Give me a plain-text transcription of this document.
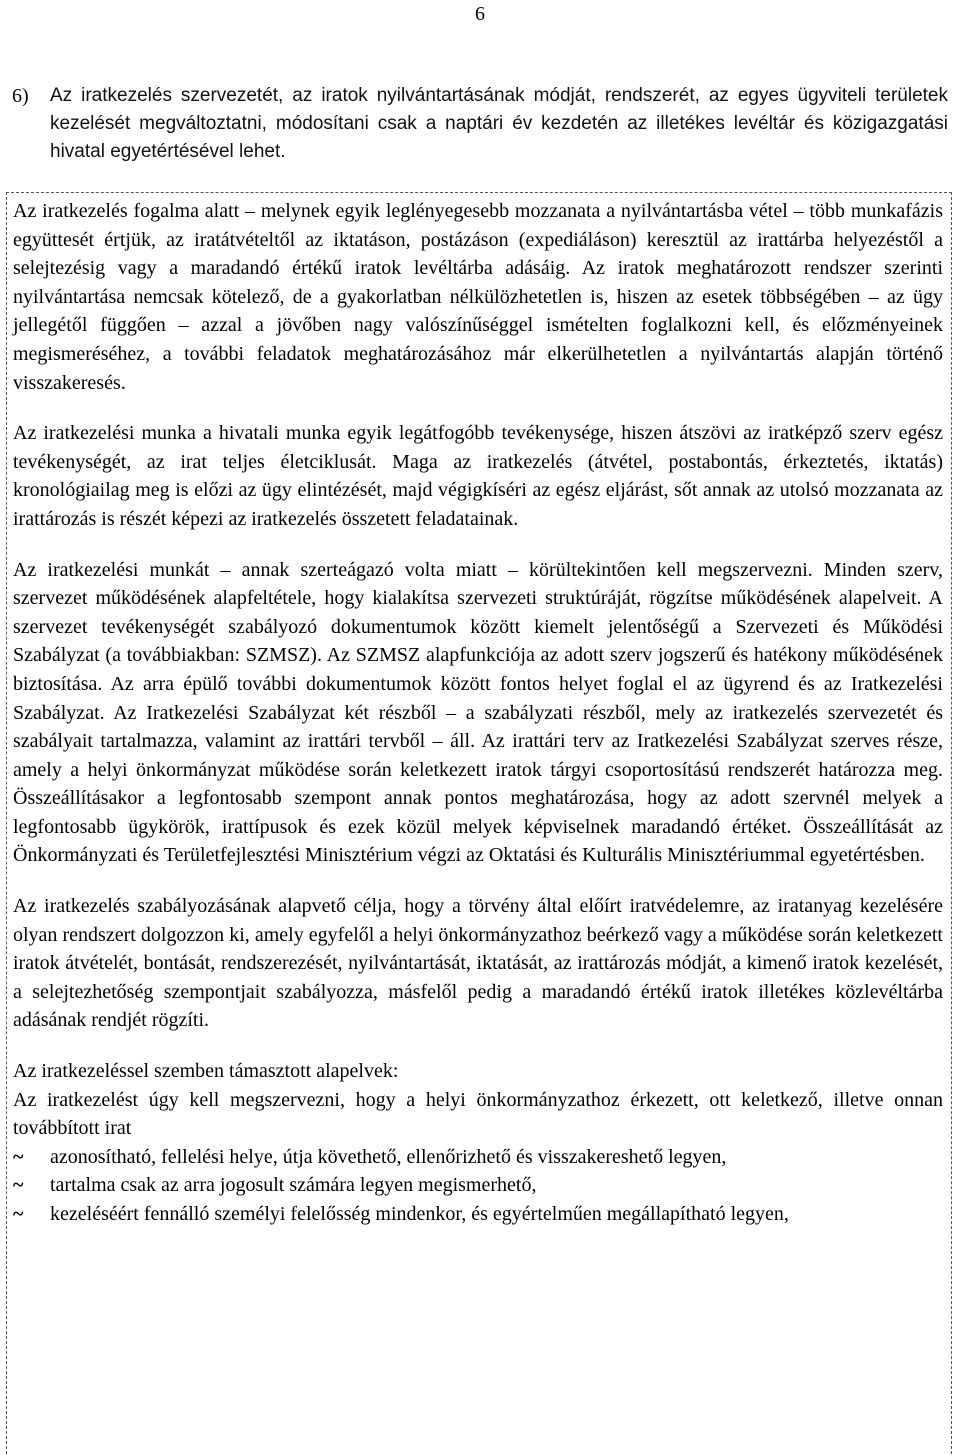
6
6) Az iratkezelés szervezetét, az iratok nyilvántartásának módját, rendszerét, az egyes ügyviteli területek kezelését megváltoztatni, módosítani csak a naptári év kezdetén az illetékes levéltár és közigazgatási hivatal egyetértésével lehet.

Az iratkezelés fogalma alatt – melynek egyik leglényegesebb mozzanata a nyilvántartásba vétel – több munkafázis együttesét értjük, az iratátvételtől az iktatáson, postázáson (expediáláson) keresztül az irattárba helyezéstől a selejtezésig vagy a maradandó értékű iratok levéltárba adásáig. Az iratok meghatározott rendszer szerinti nyilvántartása nemcsak kötelező, de a gyakorlatban nélkülözhetetlen is, hiszen az esetek többségében – az ügy jellegétől függően – azzal a jövőben nagy valószínűséggel ismételten foglalkozni kell, és előzményeinek megismeréséhez, a további feladatok meghatározásához már elkerülhetetlen a nyilvántartás alapján történő visszakeresés.

Az iratkezelési munka a hivatali munka egyik legátfogóbb tevékenysége, hiszen átszövi az iratképző szerv egész tevékenységét, az irat teljes életciklusát. Maga az iratkezelés (átvétel, postabontás, érkeztetés, iktatás) kronológiailag meg is előzi az ügy elintézését, majd végigkíséri az egész eljárást, sőt annak az utolsó mozzanata az irattározás is részét képezi az iratkezelés összetett feladatainak.

Az iratkezelési munkát – annak szerteágazó volta miatt – körültekintően kell megszervezni. Minden szerv, szervezet működésének alapfeltétele, hogy kialakítsa szervezeti struktúráját, rögzítse működésének alapelveit. A szervezet tevékenységét szabályozó dokumentumok között kiemelt jelentőségű a Szervezeti és Működési Szabályzat (a továbbiakban: SZMSZ). Az SZMSZ alapfunkciója az adott szerv jogszerű és hatékony működésének biztosítása. Az arra épülő további dokumentumok között fontos helyet foglal el az ügyrend és az Iratkezelési Szabályzat. Az Iratkezelési Szabályzat két részből – a szabályzati részből, mely az iratkezelés szervezetét és szabályait tartalmazza, valamint az irattári tervből – áll. Az irattári terv az Iratkezelési Szabályzat szerves része, amely a helyi önkormányzat működése során keletkezett iratok tárgyi csoportosítású rendszerét határozza meg. Összeállításakor a legfontosabb szempont annak pontos meghatározása, hogy az adott szervnél melyek a legfontosabb ügykörök, irattípusok és ezek közül melyek képviselnek maradandó értéket. Összeállítását az Önkormányzati és Területfejlesztési Minisztérium végzi az Oktatási és Kulturális Minisztériummal egyetértésben.

Az iratkezelés szabályozásának alapvető célja, hogy a törvény által előírt iratvédelemre, az iratanyag kezelésére olyan rendszert dolgozzon ki, amely egyfelől a helyi önkormányzathoz beérkező vagy a működése során keletkezett iratok átvételét, bontását, rendszerezését, nyilvántartását, iktatását, az irattározás módját, a kimenő iratok kezelését, a selejtezhetőség szempontjait szabályozza, másfelől pedig a maradandó értékű iratok illetékes közlevéltárba adásának rendjét rögzíti.

Az iratkezeléssel szemben támasztott alapelvek:
Az iratkezelést úgy kell megszervezni, hogy a helyi önkormányzathoz érkezett, ott keletkező, illetve onnan továbbított irat

~ azonosítható, fellelési helye, útja követhető, ellenőrizhető és visszakereshető legyen,
~ tartalma csak az arra jogosult számára legyen megismerhető,
~ kezeléséért fennálló személyi felelősség mindenkor, és egyértelműen megállapítható legyen,
